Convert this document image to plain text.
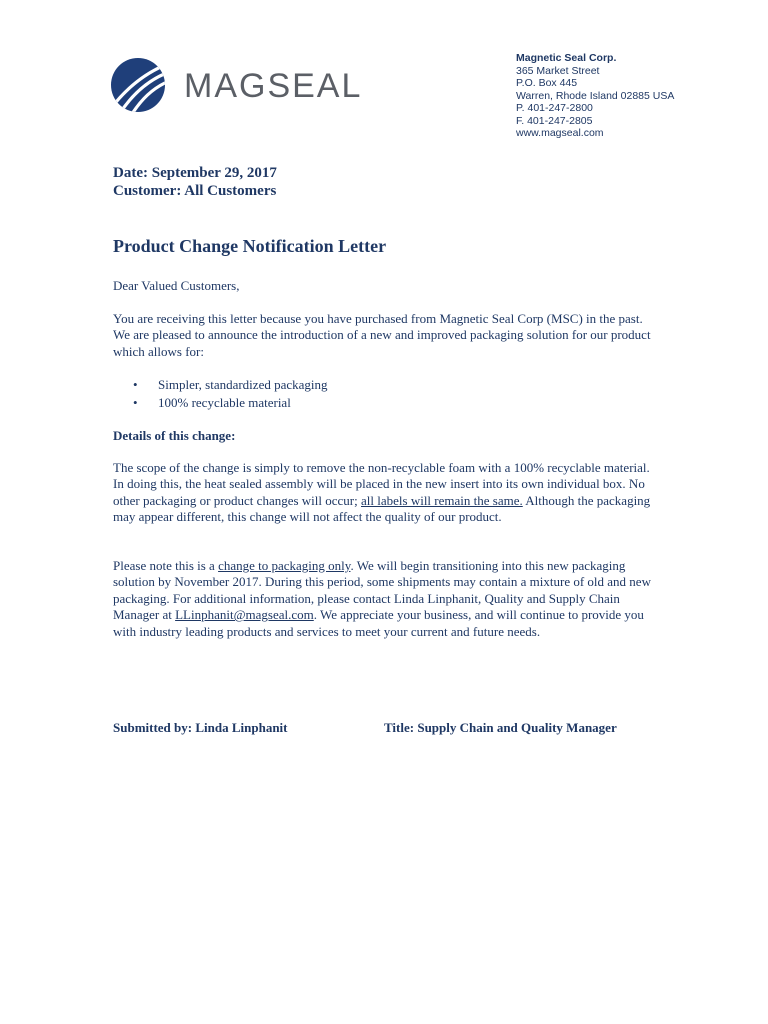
MAGSEAL
Magnetic Seal Corp.
365 Market Street
P.O. Box 445
Warren, Rhode Island 02885 USA
P. 401-247-2800
F. 401-247-2805
www.magseal.com
Date: September 29, 2017
Customer: All Customers
Product Change Notification Letter
Dear Valued Customers,
You are receiving this letter because you have purchased from Magnetic Seal Corp (MSC) in the past. We are pleased to announce the introduction of a new and improved packaging solution for our product which allows for:
• Simpler, standardized packaging
• 100% recyclable material
Details of this change:
The scope of the change is simply to remove the non-recyclable foam with a 100% recyclable material. In doing this, the heat sealed assembly will be placed in the new insert into its own individual box. No other packaging or product changes will occur; all labels will remain the same. Although the packaging may appear different, this change will not affect the quality of our product.
Please note this is a change to packaging only. We will begin transitioning into this new packaging solution by November 2017. During this period, some shipments may contain a mixture of old and new packaging. For additional information, please contact Linda Linphanit, Quality and Supply Chain Manager at LLinphanit@magseal.com. We appreciate your business, and will continue to provide you with industry leading products and services to meet your current and future needs.
Submitted by: Linda Linphanit	Title: Supply Chain and Quality Manager
